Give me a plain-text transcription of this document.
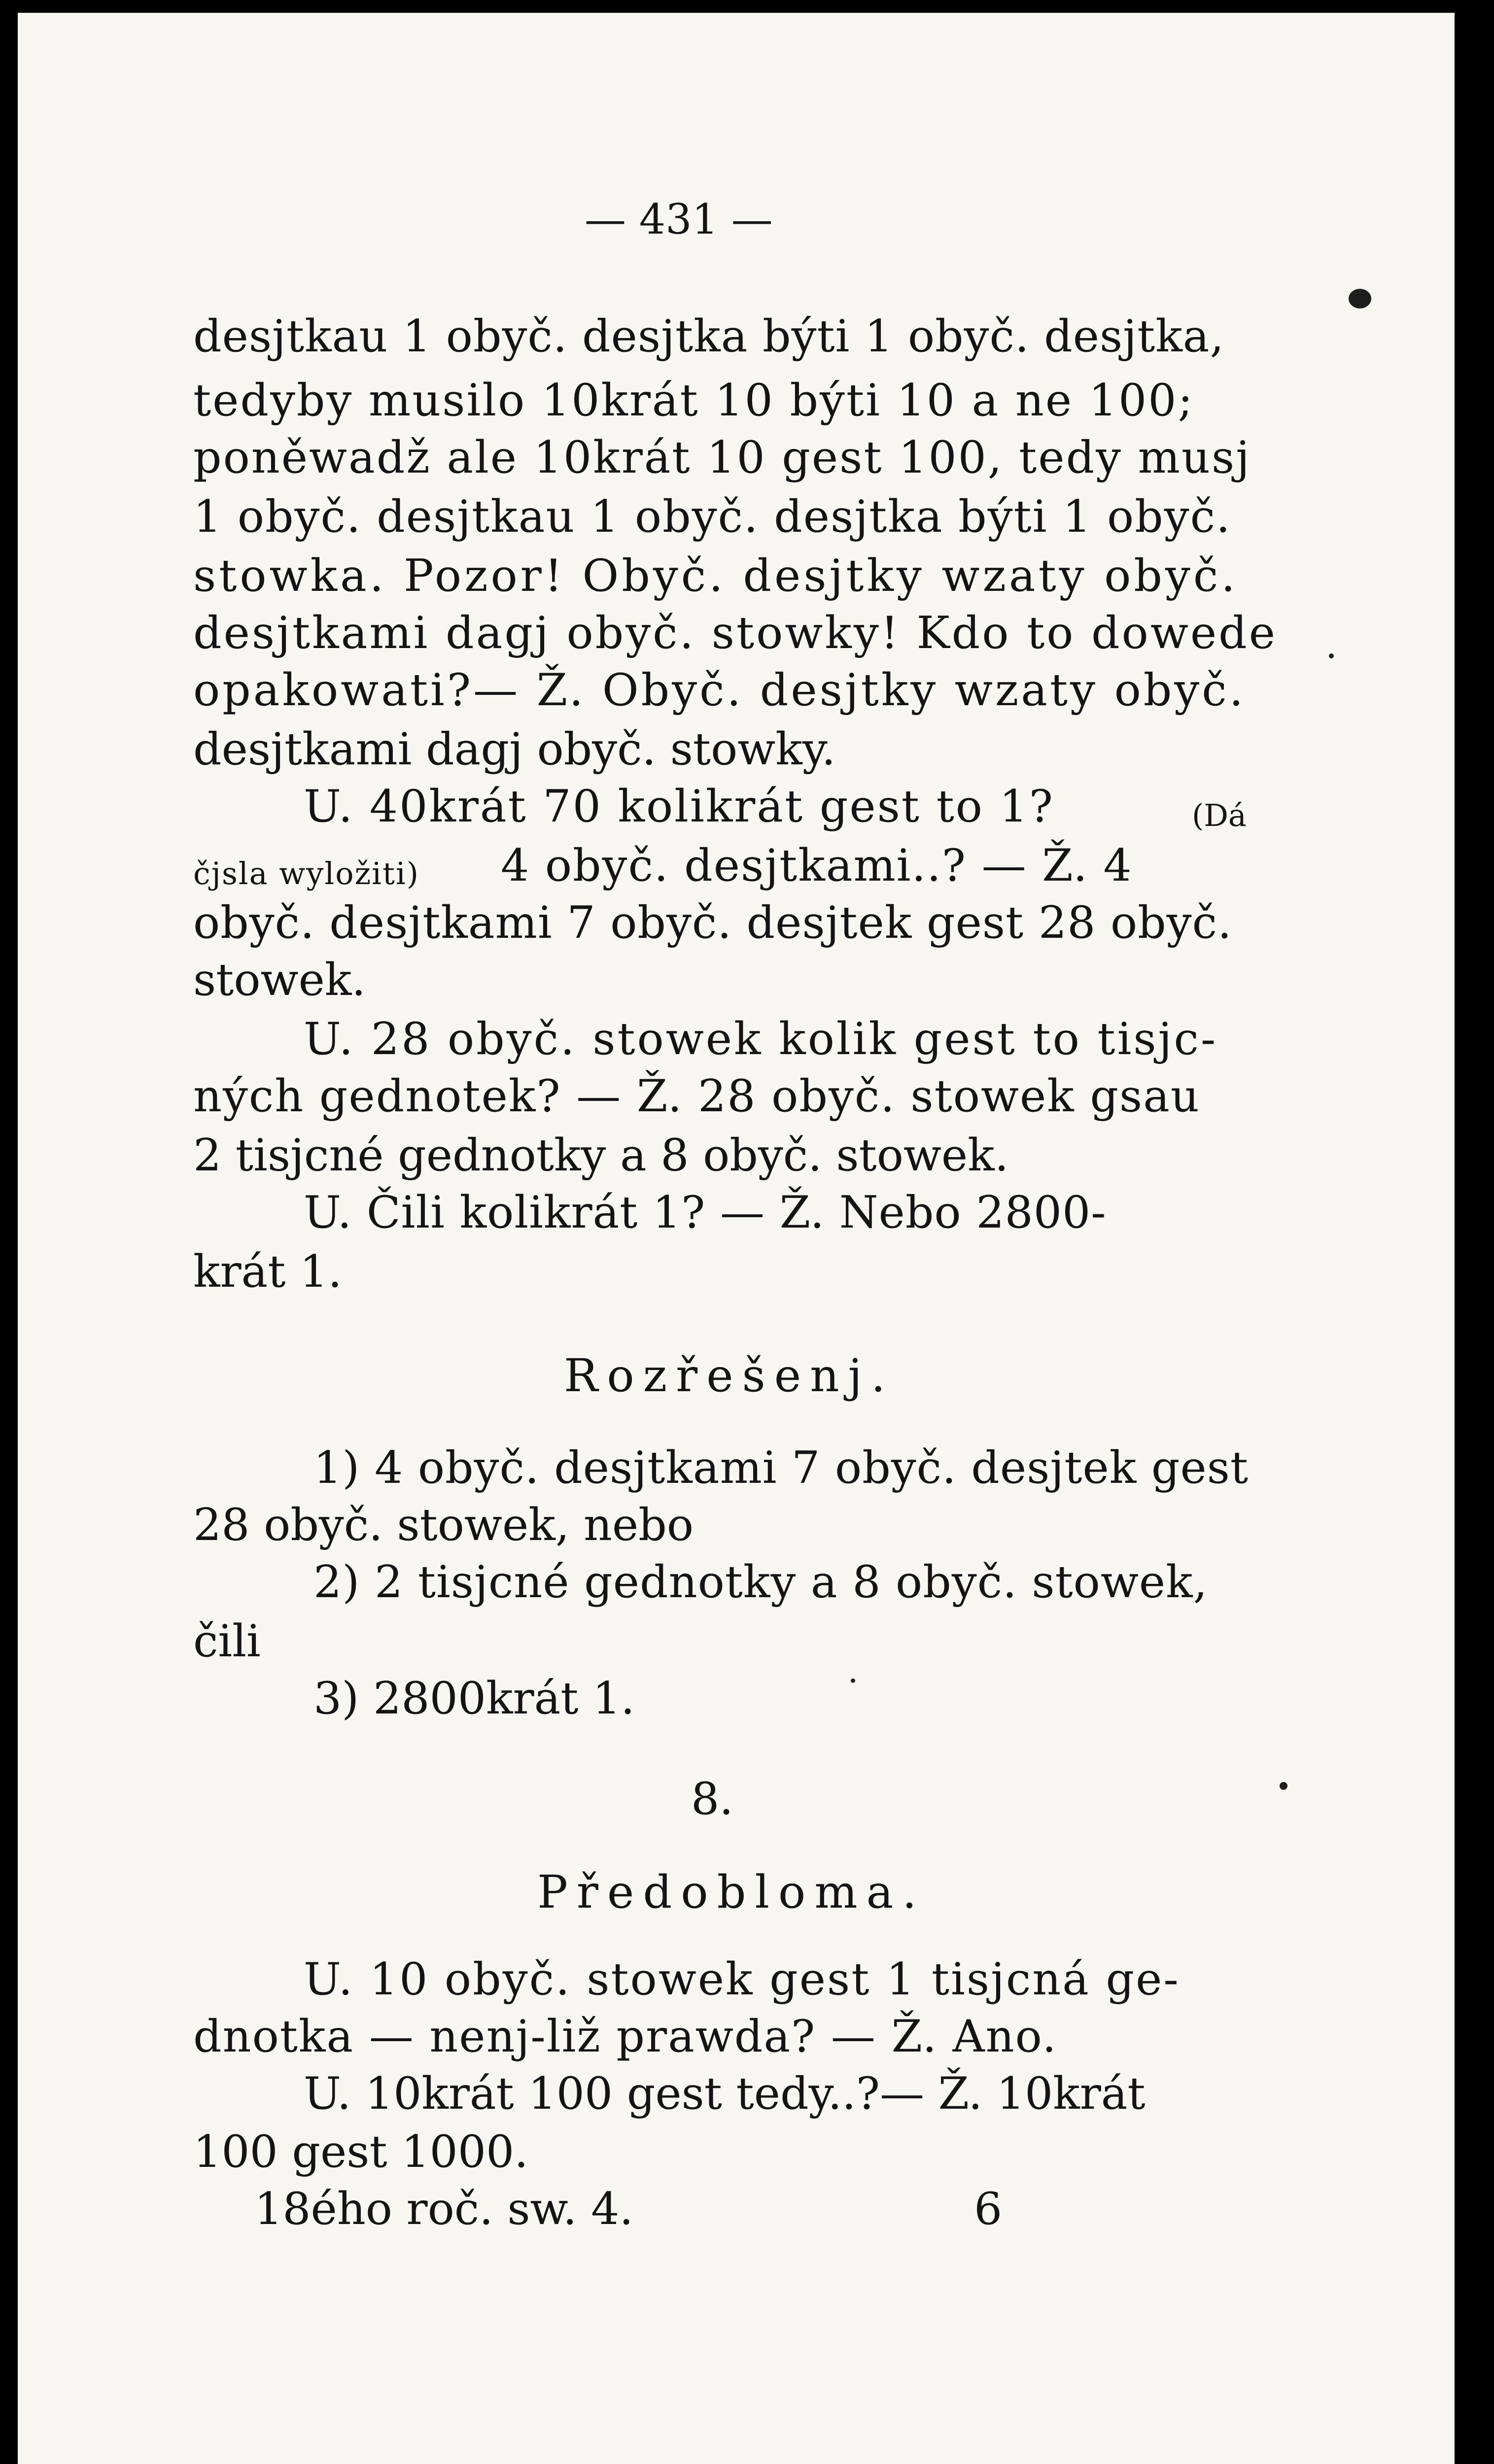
— 431 —

desjtkau 1 obyč. desjtka býti 1 obyč. desjtka,

tedyby musilo 10krát 10 býti 10 a ne 100;

poněwadž ale 10krát 10 gest 100, tedy musj

1 obyč. desjtkau 1 obyč. desjtka býti 1 obyč.

stowka. Pozor! Obyč. desjtky wzaty obyč.

desjtkami dagj obyč. stowky! Kdo to dowede

opakowati?— Ž. Obyč. desjtky wzaty obyč.

desjtkami dagj obyč. stowky.

U. 40krát 70 kolikrát gest to 1?	(Dá

čjsla wyložiti) 4 obyč. desjtkami..? — Ž. 4

obyč. desjtkami 7 obyč. desjtek gest 28 obyč.

stowek.

U. 28 obyč. stowek kolik gest to tisjc-

ných gednotek? — Ž. 28 obyč. stowek gsau

2 tisjcné gednotky a 8 obyč. stowek.

U. Čili kolikrát 1? — Ž. Nebo 2800-

krát 1.

Rozřešenj.

1) 4 obyč. desjtkami 7 obyč. desjtek gest

28 obyč. stowek, nebo

2) 2 tisjcné gednotky a 8 obyč. stowek,

čili

3) 2800krát 1.

8.

Předobloma.

U. 10 obyč. stowek gest 1 tisjcná ge-

dnotka — nenj-liž prawda? — Ž. Ano.

U. 10krát 100 gest tedy..?— Ž. 10krát

100 gest 1000.

18ého roč. sw. 4.	6
